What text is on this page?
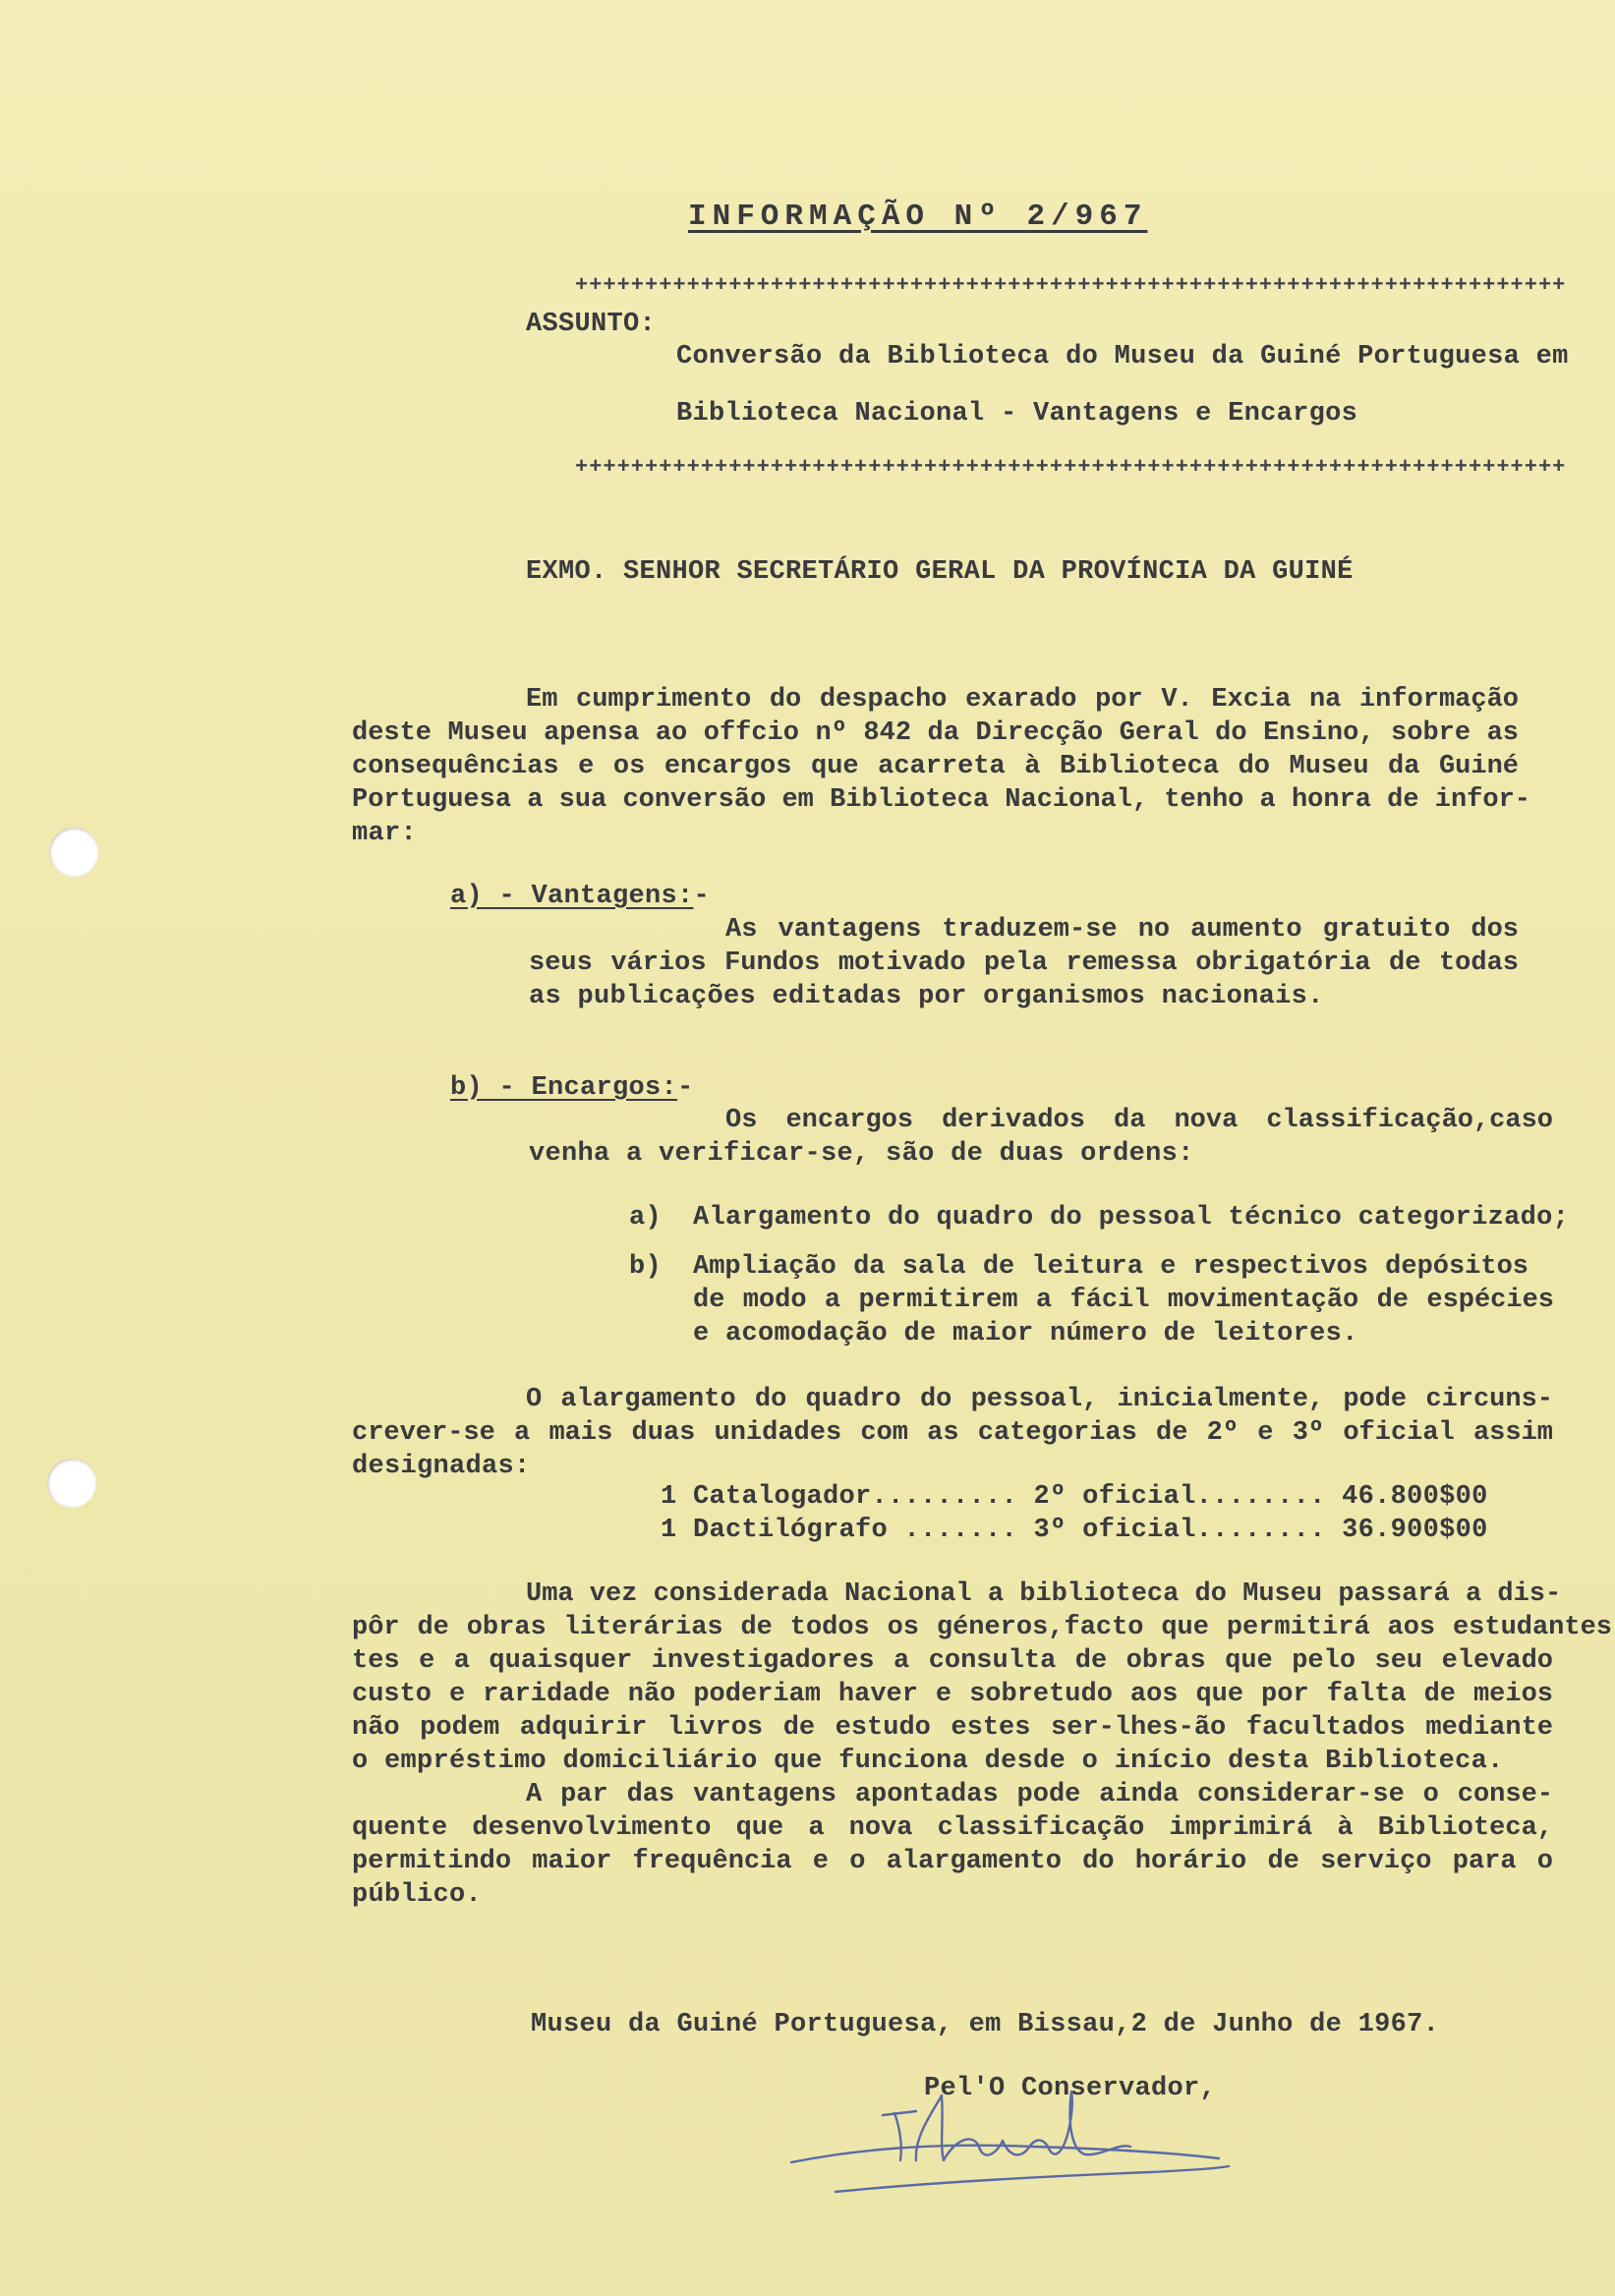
INFORMAÇÃO Nº 2/967
+++++++++++++++++++++++++++++++++++++++++++++++++++++++++++++++++++++++
ASSUNTO:
Conversão da Biblioteca do Museu da Guiné Portuguesa em
Biblioteca Nacional - Vantagens e Encargos
+++++++++++++++++++++++++++++++++++++++++++++++++++++++++++++++++++++++
EXMO. SENHOR SECRETÁRIO GERAL DA PROVÍNCIA DA GUINÉ
Em cumprimento do despacho exarado por V. Excia na informação
deste Museu apensa ao offcio nº 842 da Direcção Geral do Ensino, sobre as
consequências e os encargos que acarreta à Biblioteca do Museu da Guiné
Portuguesa a sua conversão em Biblioteca Nacional, tenho a honra de infor-
mar:
a) - Vantagens:-
As vantagens traduzem-se no aumento gratuito dos
seus vários Fundos motivado pela remessa obrigatória de todas
as publicações editadas por organismos nacionais.
b) - Encargos:-
Os encargos derivados da nova classificação,caso
venha a verificar-se, são de duas ordens:
a) Alargamento do quadro do pessoal técnico categorizado;
b) Ampliação da sala de leitura e respectivos depósitos
de modo a permitirem a fácil movimentação de espécies
e acomodação de maior número de leitores.
O alargamento do quadro do pessoal, inicialmente, pode circuns-
crever-se a mais duas unidades com as categorias de 2º e 3º oficial assim
designadas:
1 Catalogador......... 2º oficial........ 46.800$00
1 Dactilógrafo ....... 3º oficial........ 36.900$00
Uma vez considerada Nacional a biblioteca do Museu passará a dis-
pôr de obras literárias de todos os géneros,facto que permitirá aos estudantes
tes e a quaisquer investigadores a consulta de obras que pelo seu elevado
custo e raridade não poderiam haver e sobretudo aos que por falta de meios
não podem adquirir livros de estudo estes ser-lhes-ão facultados mediante
o empréstimo domiciliário que funciona desde o início desta Biblioteca.
A par das vantagens apontadas pode ainda considerar-se o conse-
quente desenvolvimento que a nova classificação imprimirá à Biblioteca,
permitindo maior frequência e o alargamento do horário de serviço para o
público.
Museu da Guiné Portuguesa, em Bissau,2 de Junho de 1967.
Pel'O Conservador,
